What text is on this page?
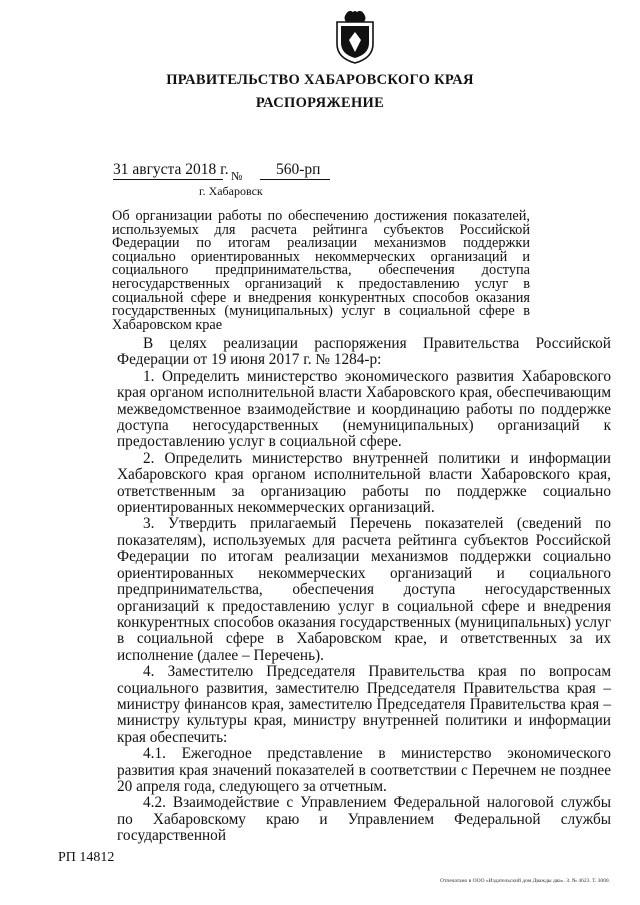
ПРАВИТЕЛЬСТВО ХАБАРОВСКОГО КРАЯ
РАСПОРЯЖЕНИЕ
31 августа 2018 г. № 560-рп
г. Хабаровск
Об организации работы по обеспечению достижения показателей, используемых для расчета рейтинга субъектов Российской Федерации по итогам реализации механизмов поддержки социально ориентированных некоммерческих организаций и социального предпринимательства, обеспечения доступа негосударственных организаций к предоставлению услуг в социальной сфере и внедрения конкурентных способов оказания государственных (муниципальных) услуг в социальной сфере в Хабаровском крае

В целях реализации распоряжения Правительства Российской Федерации от 19 июня 2017 г. № 1284-р:

1. Определить министерство экономического развития Хабаровского края органом исполнительной власти Хабаровского края, обеспечивающим межведомственное взаимодействие и координацию работы по поддержке доступа негосударственных (немуниципальных) организаций к предоставлению услуг в социальной сфере.

2. Определить министерство внутренней политики и информации Хабаровского края органом исполнительной власти Хабаровского края, ответственным за организацию работы по поддержке социально ориентированных некоммерческих организаций.

3. Утвердить прилагаемый Перечень показателей (сведений по показателям), используемых для расчета рейтинга субъектов Российской Федерации по итогам реализации механизмов поддержки социально ориентированных некоммерческих организаций и социального предпринимательства, обеспечения доступа негосударственных организаций к предоставлению услуг в социальной сфере и внедрения конкурентных способов оказания государственных (муниципальных) услуг в социальной сфере в Хабаровском крае, и ответственных за их исполнение (далее – Перечень).

4. Заместителю Председателя Правительства края по вопросам социального развития, заместителю Председателя Правительства края – министру финансов края, заместителю Председателя Правительства края – министру культуры края, министру внутренней политики и информации края обеспечить:

4.1. Ежегодное представление в министерство экономического развития края значений показателей в соответствии с Перечнем не позднее 20 апреля года, следующего за отчетным.

4.2. Взаимодействие с Управлением Федеральной налоговой службы по Хабаровскому краю и Управлением Федеральной службы государственной

РП 14812
Отпечатано в ООО «Издательский дом Дважды два». З. № 4623. Т. 3000.
